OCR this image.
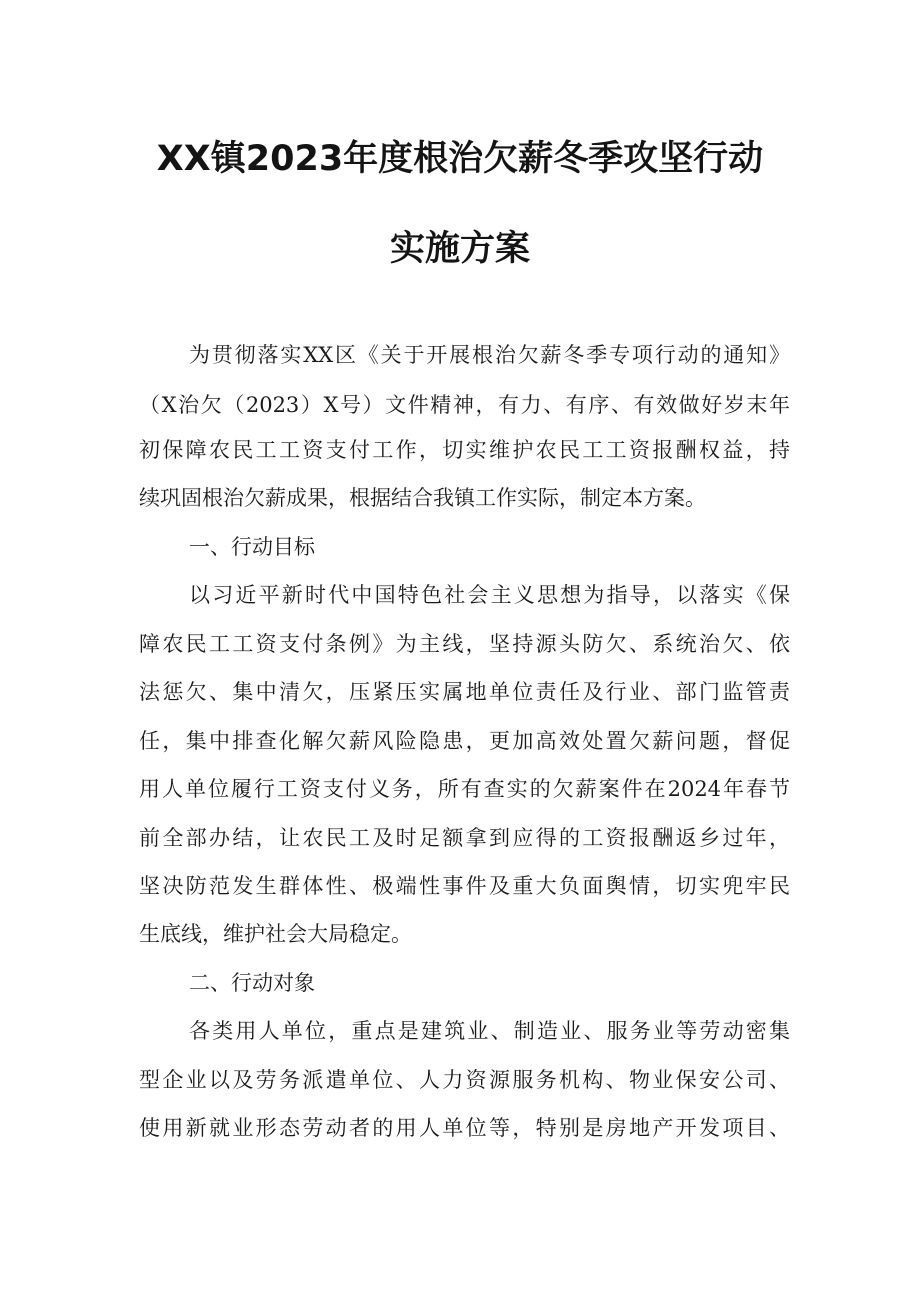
XX镇2023年度根治欠薪冬季攻坚行动
实施方案

为贯彻落实XX区《关于开展根治欠薪冬季专项行动的通知》

（X治欠（2023）X号）文件精神，有力、有序、有效做好岁末年

初保障农民工工资支付工作，切实维护农民工工资报酬权益，持

续巩固根治欠薪成果，根据结合我镇工作实际，制定本方案。

一、行动目标

以习近平新时代中国特色社会主义思想为指导，以落实《保

障农民工工资支付条例》为主线，坚持源头防欠、系统治欠、依

法惩欠、集中清欠，压紧压实属地单位责任及行业、部门监管责

任，集中排查化解欠薪风险隐患，更加高效处置欠薪问题，督促

用人单位履行工资支付义务，所有查实的欠薪案件在2024年春节

前全部办结，让农民工及时足额拿到应得的工资报酬返乡过年，

坚决防范发生群体性、极端性事件及重大负面舆情，切实兜牢民

生底线，维护社会大局稳定。

二、行动对象

各类用人单位，重点是建筑业、制造业、服务业等劳动密集

型企业以及劳务派遣单位、人力资源服务机构、物业保安公司、

使用新就业形态劳动者的用人单位等，特别是房地产开发项目、
